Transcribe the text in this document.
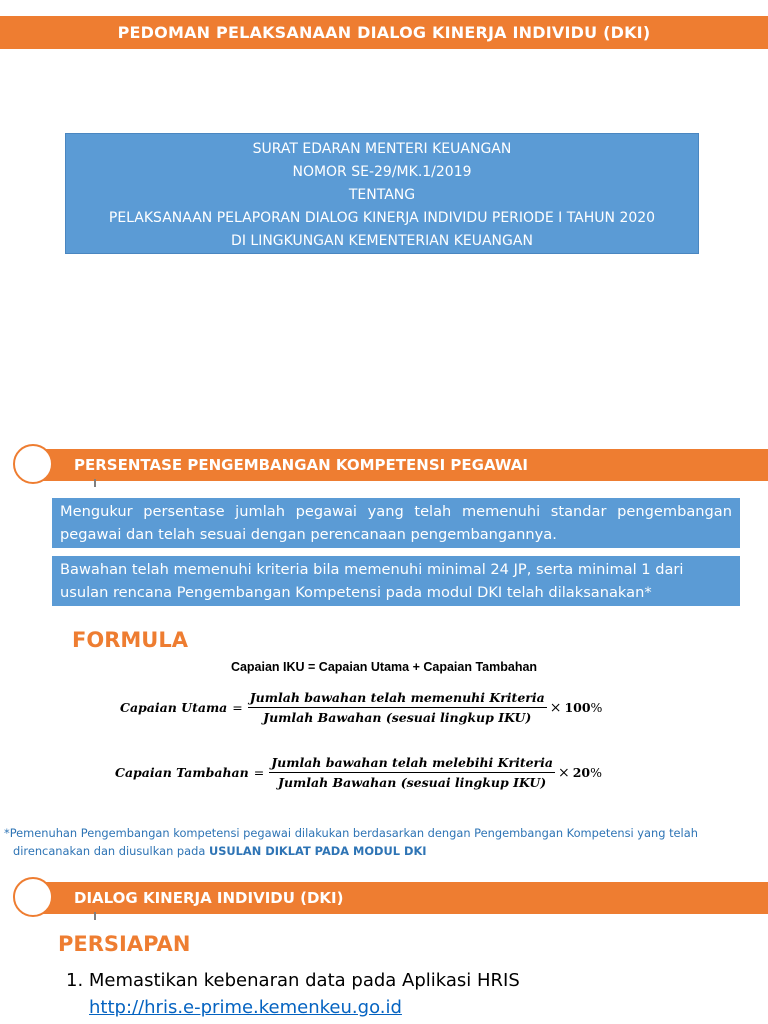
PEDOMAN PELAKSANAAN DIALOG KINERJA INDIVIDU (DKI)
SURAT EDARAN MENTERI KEUANGAN
NOMOR SE-29/MK.1/2019
TENTANG
PELAKSANAAN PELAPORAN DIALOG KINERJA INDIVIDU PERIODE I TAHUN 2020
DI LINGKUNGAN KEMENTERIAN KEUANGAN
PERSENTASE PENGEMBANGAN KOMPETENSI PEGAWAI
Mengukur persentase jumlah pegawai yang telah memenuhi standar pengembangan pegawai dan telah sesuai dengan perencanaan pengembangannya.
Bawahan telah memenuhi kriteria bila memenuhi minimal 24 JP, serta minimal 1 dari usulan rencana Pengembangan Kompetensi pada modul DKI telah dilaksanakan*
FORMULA
Capaian IKU = Capaian Utama + Capaian Tambahan
Capaian Utama = $\frac{\text{Jumlah bawahan telah memenuhi Kriteria}}{\text{Jumlah Bawahan (sesuai lingkup IKU)}} \times 100\%$
Capaian Tambahan = $\frac{\text{Jumlah bawahan telah melebihi Kriteria}}{\text{Jumlah Bawahan (sesuai lingkup IKU)}} \times 20\%$
*Pemenuhan Pengembangan kompetensi pegawai dilakukan berdasarkan dengan Pengembangan Kompetensi yang telah
direncanakan dan diusulkan pada USULAN DIKLAT PADA MODUL DKI
DIALOG KINERJA INDIVIDU (DKI)
PERSIAPAN
1. Memastikan kebenaran data pada Aplikasi HRIS
http://hris.e-prime.kemenkeu.go.id
